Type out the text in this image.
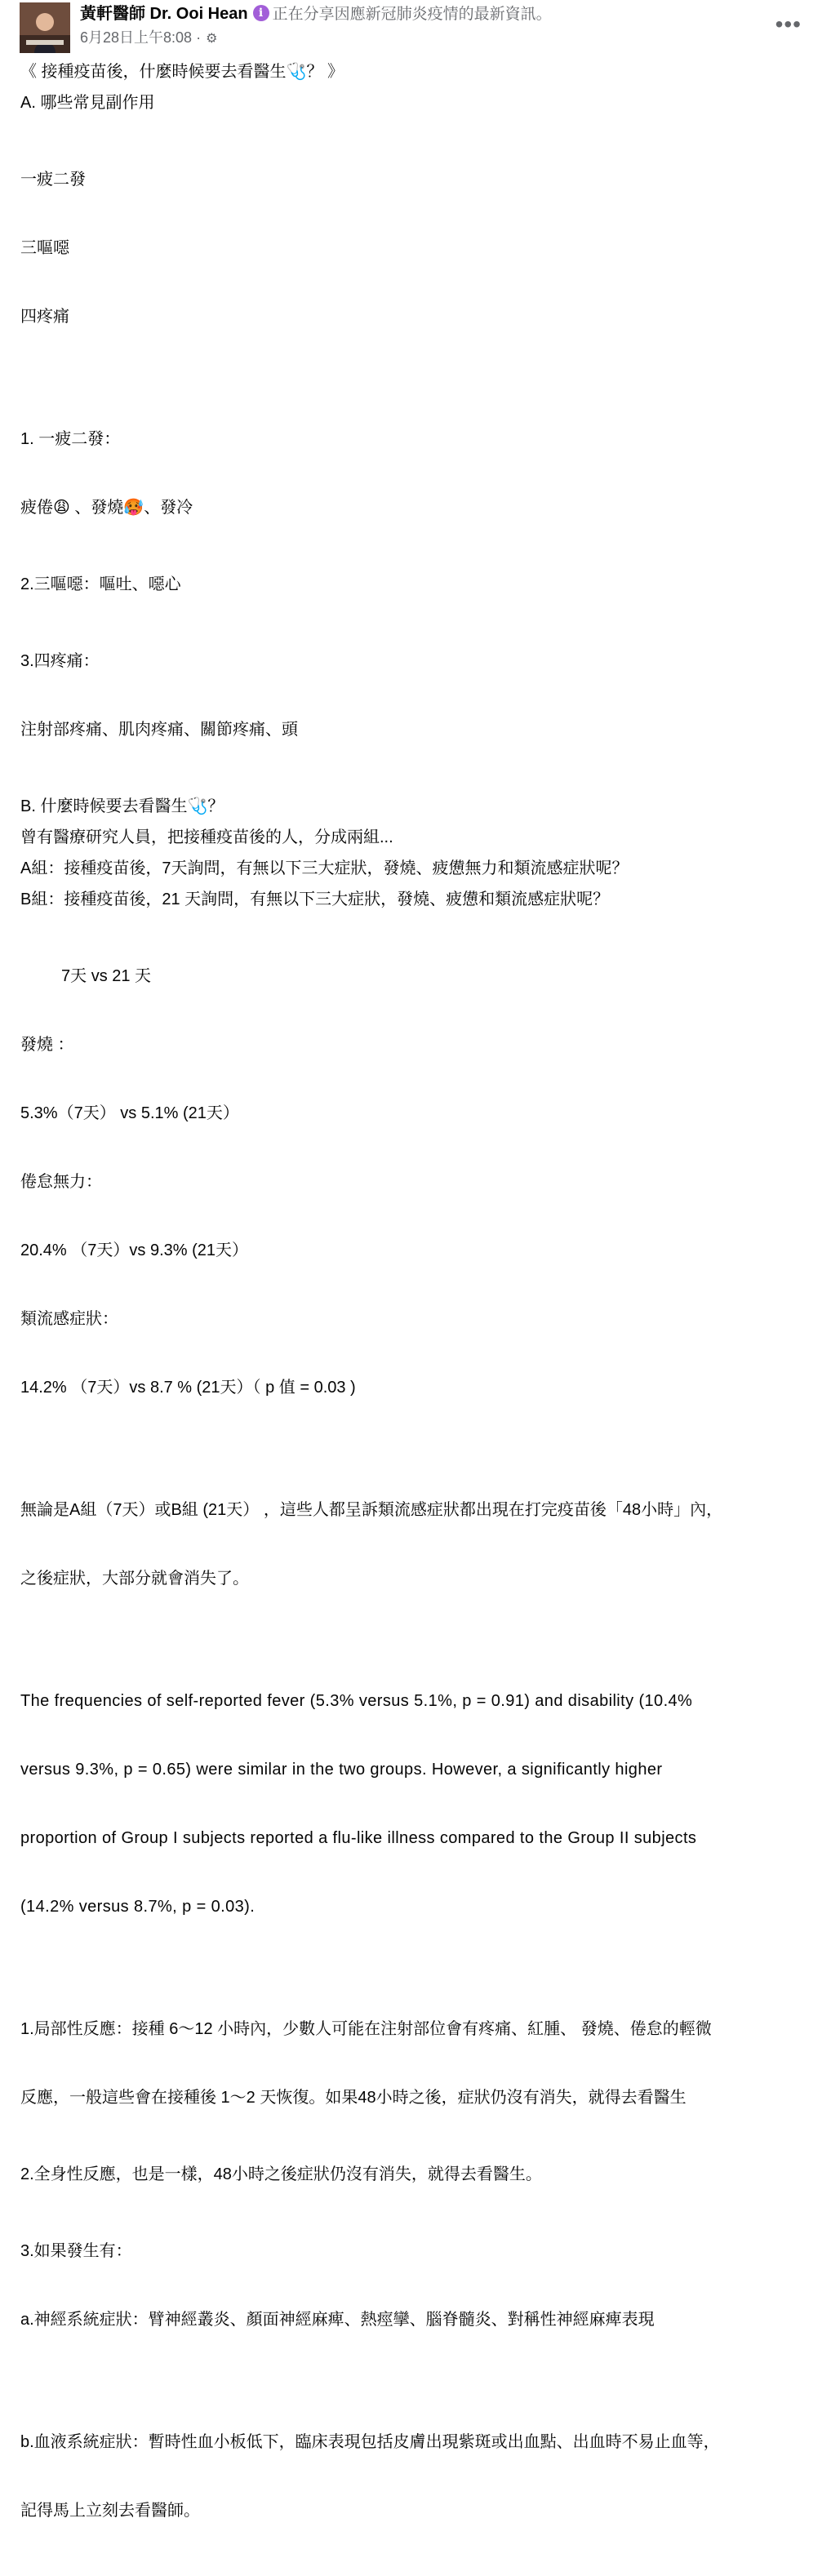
黃軒醫師 Dr. Ooi Heani 正在分享因應新冠肺炎疫情的最新資訊。
6月28日上午8:08 · ⚙
•••
《 接種疫苗後，什麼時候要去看醫生🩺？ 》
A. 哪些常見副作用

一疲二發

三嘔噁

四疼痛

1. 一疲二發：

疲倦😩 、發燒🥵、發冷

2.三嘔噁：嘔吐、噁心

3.四疼痛：

注射部疼痛、肌肉疼痛、關節疼痛、頭

B. 什麼時候要去看醫生🩺？
曾有醫療研究人員，把接種疫苗後的人，分成兩組...
A組：接種疫苗後，7天詢問，有無以下三大症狀，發燒、疲憊無力和類流感症狀呢？
B組：接種疫苗後，21 天詢問，有無以下三大症狀，發燒、疲憊和類流感症狀呢？

7天 vs 21 天

發燒 ：

5.3%（7天） vs 5.1% (21天）

倦怠無力：

20.4% （7天）vs 9.3% (21天）

類流感症狀：

14.2% （7天）vs 8.7 % (21天）（ p 值 = 0.03 )

無論是A組（7天）或B組 (21天） ，這些人都呈訴類流感症狀都出現在打完疫苗後「48小時」內，

之後症狀，大部分就會消失了。

The frequencies of self-reported fever (5.3% versus 5.1%, p = 0.91) and disability (10.4%

versus 9.3%, p = 0.65) were similar in the two groups. However, a significantly higher

proportion of Group I subjects reported a flu-like illness compared to the Group II subjects

(14.2% versus 8.7%, p = 0.03).

1.局部性反應：接種 6～12 小時內，少數人可能在注射部位會有疼痛、紅腫、 發燒、倦怠的輕微

反應，一般這些會在接種後 1～2 天恢復。如果48小時之後，症狀仍沒有消失，就得去看醫生

2.全身性反應，也是一樣，48小時之後症狀仍沒有消失，就得去看醫生。

3.如果發生有：

a.神經系統症狀：臂神經叢炎、顏面神經麻痺、熱痙攣、腦脊髓炎、對稱性神經麻痺表現

b.血液系統症狀：暫時性血小板低下，臨床表現包括皮膚出現紫斑或出血點、出血時不易止血等，

記得馬上立刻去看醫師。
